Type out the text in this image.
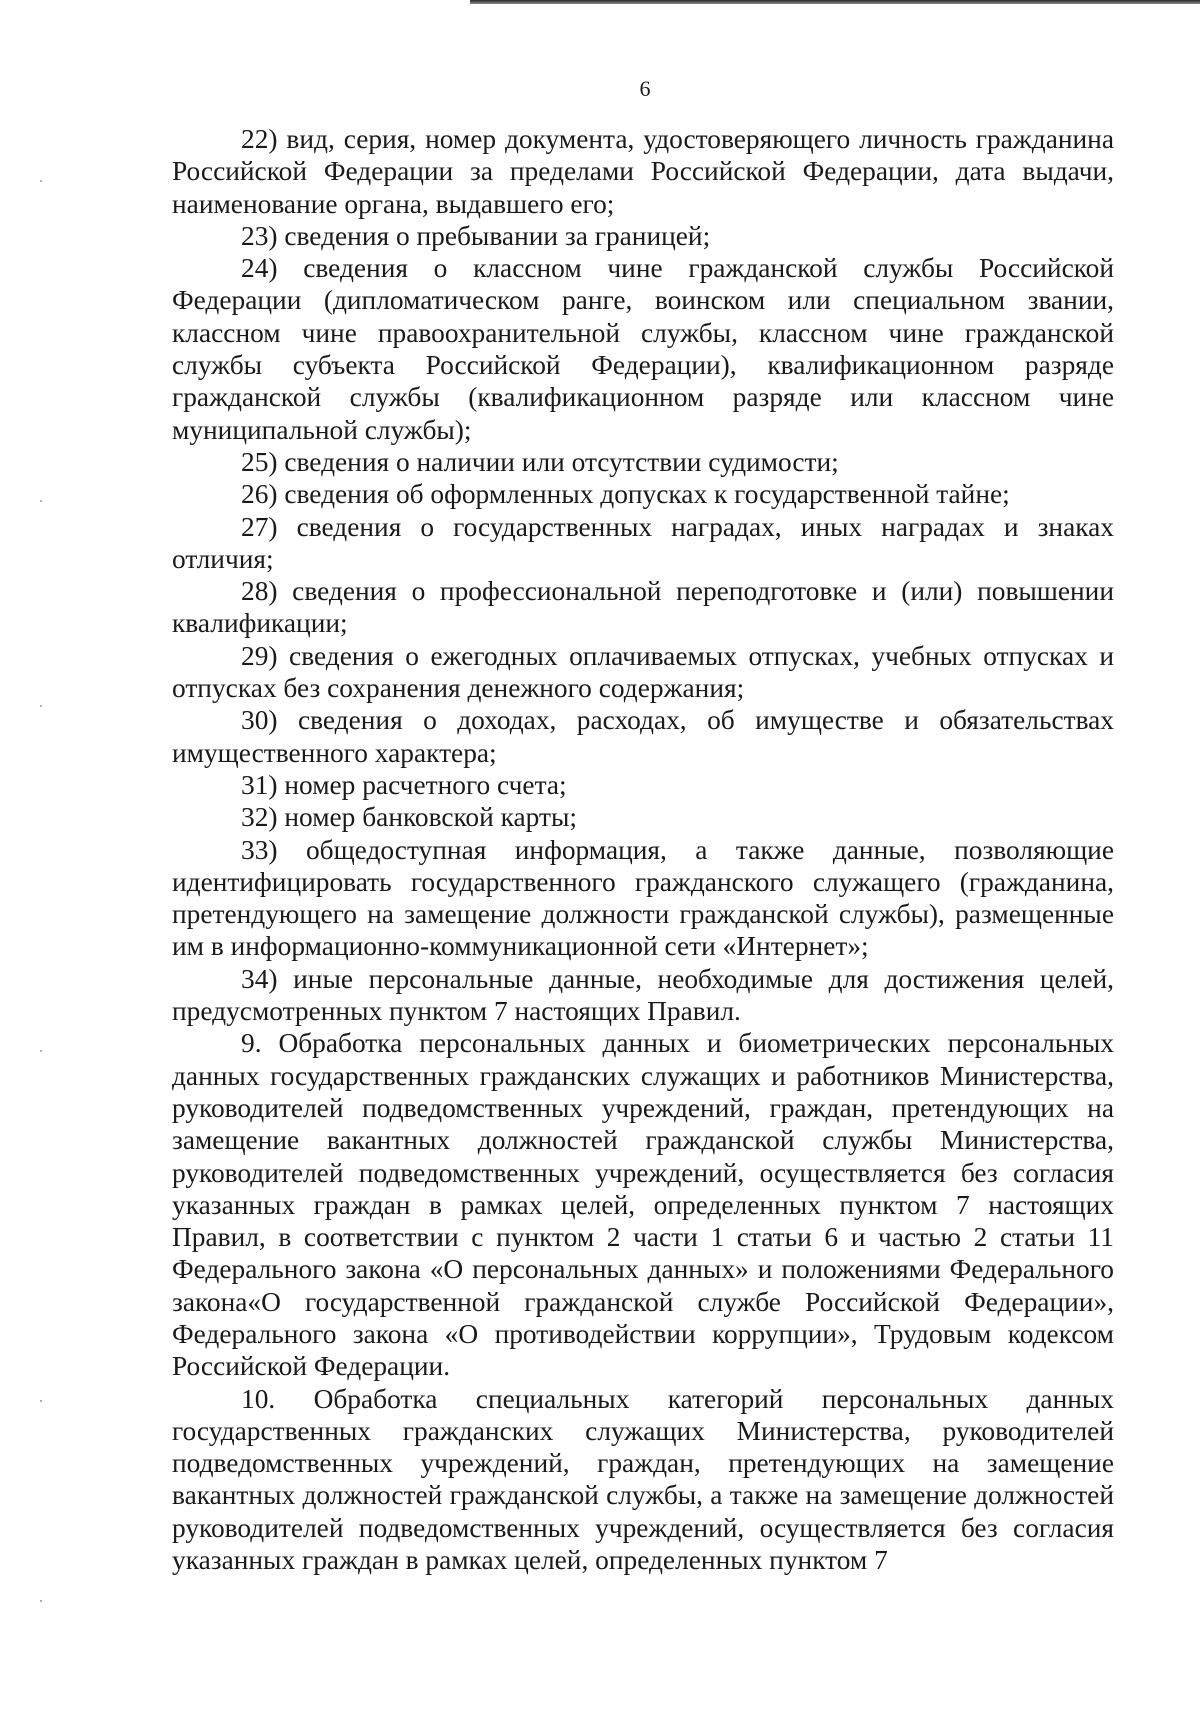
6

22) вид, серия, номер документа, удостоверяющего личность гражданина Российской Федерации за пределами Российской Федерации, дата выдачи, наименование органа, выдавшего его;

23) сведения о пребывании за границей;

24) сведения о классном чине гражданской службы Российской Федерации (дипломатическом ранге, воинском или специальном звании, классном чине правоохранительной службы, классном чине гражданской службы субъекта Российской Федерации), квалификационном разряде гражданской службы (квалификационном разряде или классном чине муниципальной службы);

25) сведения о наличии или отсутствии судимости;

26) сведения об оформленных допусках к государственной тайне;

27) сведения о государственных наградах, иных наградах и знаках отличия;

28) сведения о профессиональной переподготовке и (или) повышении квалификации;

29) сведения о ежегодных оплачиваемых отпусках, учебных отпусках и отпусках без сохранения денежного содержания;

30) сведения о доходах, расходах, об имуществе и обязательствах имущественного характера;

31) номер расчетного счета;

32) номер банковской карты;

33) общедоступная информация, а также данные, позволяющие идентифицировать государственного гражданского служащего (гражданина, претендующего на замещение должности гражданской службы), размещенные им в информационно-коммуникационной сети «Интернет»;

34) иные персональные данные, необходимые для достижения целей, предусмотренных пунктом 7 настоящих Правил.

9. Обработка персональных данных и биометрических персональных данных государственных гражданских служащих и работников Министерства, руководителей подведомственных учреждений, граждан, претендующих на замещение вакантных должностей гражданской службы Министерства, руководителей подведомственных учреждений, осуществляется без согласия указанных граждан в рамках целей, определенных пунктом 7 настоящих Правил, в соответствии с пунктом 2 части 1 статьи 6 и частью 2 статьи 11 Федерального закона «О персональных данных» и положениями Федерального закона«О государственной гражданской службе Российской Федерации», Федерального закона «О противодействии коррупции», Трудовым кодексом Российской Федерации.

10. Обработка специальных категорий персональных данных государственных гражданских служащих Министерства, руководителей подведомственных учреждений, граждан, претендующих на замещение вакантных должностей гражданской службы, а также на замещение должностей руководителей подведомственных учреждений, осуществляется без согласия указанных граждан в рамках целей, определенных пунктом 7
